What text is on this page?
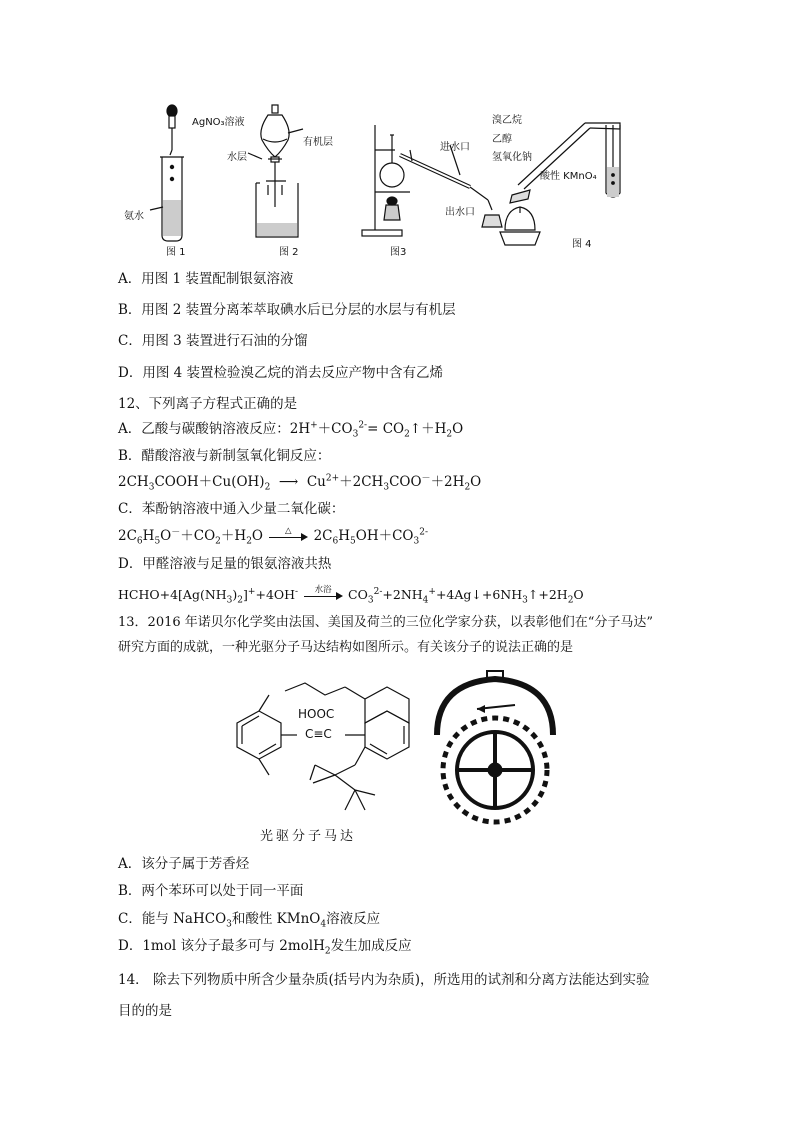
AgNO₃溶液
氨水
图 1
有机层
水层
图 2
进水口
出水口
图3
溴乙烷
乙醇
氢氧化钠
酸性 KMnO₄
图 4
A．用图 1 装置配制银氨溶液
B．用图 2 装置分离苯萃取碘水后已分层的水层与有机层
C．用图 3 装置进行石油的分馏
D．用图 4 装置检验溴乙烷的消去反应产物中含有乙烯
12、下列离子方程式正确的是
A．乙酸与碳酸钠溶液反应：$2H^++CO_3^{2-}=$ $CO_2↑+H_2O$
B．醋酸溶液与新制氢氧化铜反应：
$2CH_3COOH+Cu(OH)_2$  ⟶  $Cu^{2+}+2CH_3COO^-+2H_2O$
C．苯酚钠溶液中通入少量二氧化碳：
$2C_6H_5O^-+CO_2+H_2O$	△	$2C_6H_5OH+CO_3^{2-}$
D．甲醛溶液与足量的银氨溶液共热
$HCHO+4[Ag(NH_3)_2]^++4OH^-$	水浴	$CO_3^{2-}+2NH_4^++4Ag↓+6NH_3↑+2H_2O$
13．2016 年诺贝尔化学奖由法国、美国及荷兰的三位化学家分获，以表彰他们在“分子马达”
研究方面的成就，一种光驱分子马达结构如图所示。有关该分子的说法正确的是
HOOC
C≡C
光驱分子马达
A．该分子属于芳香烃
B．两个苯环可以处于同一平面
C．能与 NaHCO$_3$和酸性 KMnO$_4$溶液反应
D．1mol 该分子最多可与 2molH$_2$发生加成反应
14． 除去下列物质中所含少量杂质(括号内为杂质)，所选用的试剂和分离方法能达到实验
目的的是
